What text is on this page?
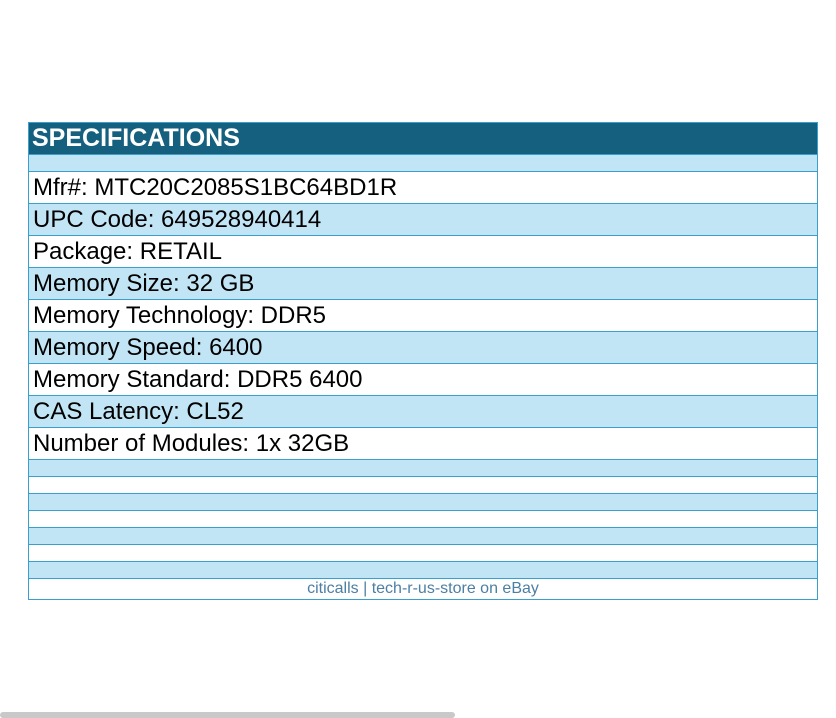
SPECIFICATIONS

Mfr#: MTC20C2085S1BC64BD1R
UPC Code: 649528940414
Package: RETAIL
Memory Size: 32 GB
Memory Technology: DDR5
Memory Speed: 6400
Memory Standard: DDR5 6400
CAS Latency: CL52
Number of Modules: 1x 32GB

citicalls | tech-r-us-store on eBay
